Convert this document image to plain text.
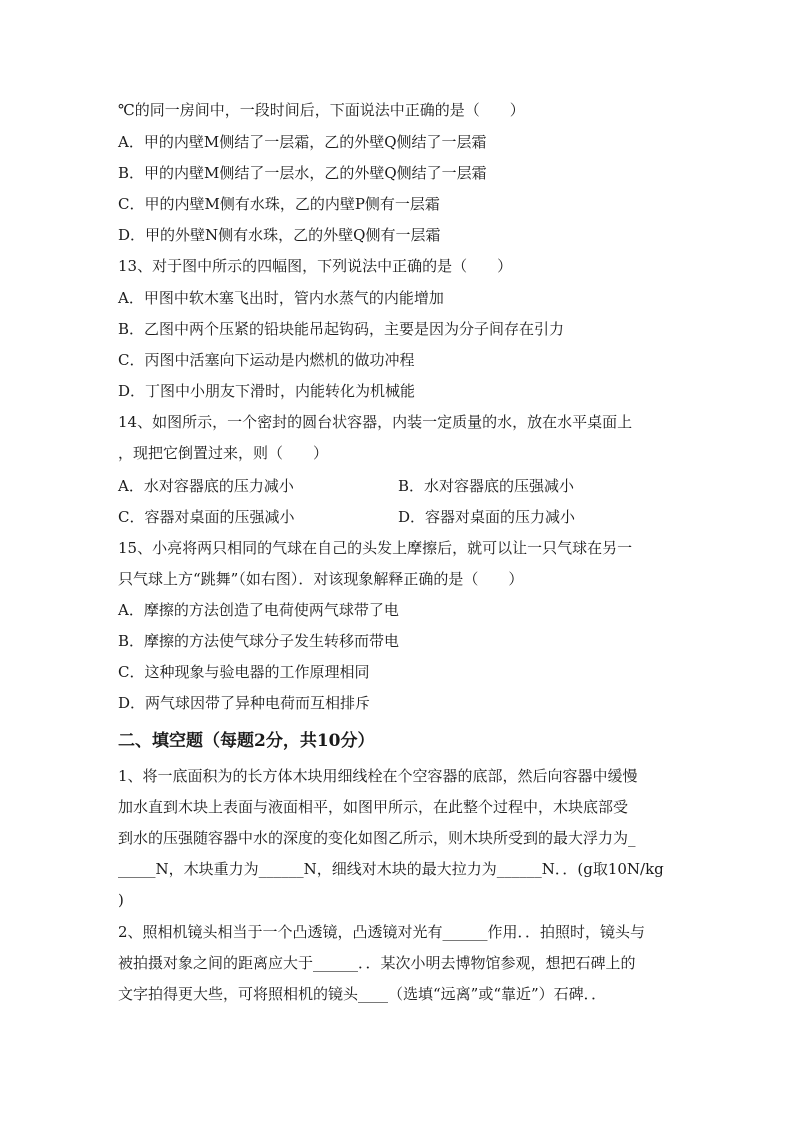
℃的同一房间中，一段时间后，下面说法中正确的是（　　）
A．甲的内壁M侧结了一层霜，乙的外壁Q侧结了一层霜
B．甲的内壁M侧结了一层水，乙的外壁Q侧结了一层霜
C．甲的内壁M侧有水珠，乙的内壁P侧有一层霜
D．甲的外壁N侧有水珠，乙的外壁Q侧有一层霜
13、对于图中所示的四幅图，下列说法中正确的是（　　）
A．甲图中软木塞飞出时，管内水蒸气的内能增加
B．乙图中两个压紧的铅块能吊起钩码，主要是因为分子间存在引力
C．丙图中活塞向下运动是内燃机的做功冲程
D．丁图中小朋友下滑时，内能转化为机械能
14、如图所示，一个密封的圆台状容器，内装一定质量的水，放在水平桌面上
，现把它倒置过来，则（　　）
A．水对容器底的压力减小	B．水对容器底的压强减小
C．容器对桌面的压强减小	D．容器对桌面的压力减小
15、小亮将两只相同的气球在自己的头发上摩擦后，就可以让一只气球在另一
只气球上方“跳舞”（如右图）．对该现象解释正确的是（　　）
A．摩擦的方法创造了电荷使两气球带了电
B．摩擦的方法使气球分子发生转移而带电
C．这种现象与验电器的工作原理相同
D．两气球因带了异种电荷而互相排斥
二、填空题（每题2分，共10分）
1、将一底面积为的长方体木块用细线栓在个空容器的底部，然后向容器中缓慢
加水直到木块上表面与液面相平，如图甲所示，在此整个过程中，木块底部受
到水的压强随容器中水的深度的变化如图乙所示，则木块所受到的最大浮力为_
_____N，木块重力为______N，细线对木块的最大拉力为______N．．(g取10N/kg
)
2、照相机镜头相当于一个凸透镜，凸透镜对光有______作用．．拍照时，镜头与
被拍摄对象之间的距离应大于______．．某次小明去博物馆参观，想把石碑上的
文字拍得更大些，可将照相机的镜头____（选填“远离”或“靠近”）石碑．．
